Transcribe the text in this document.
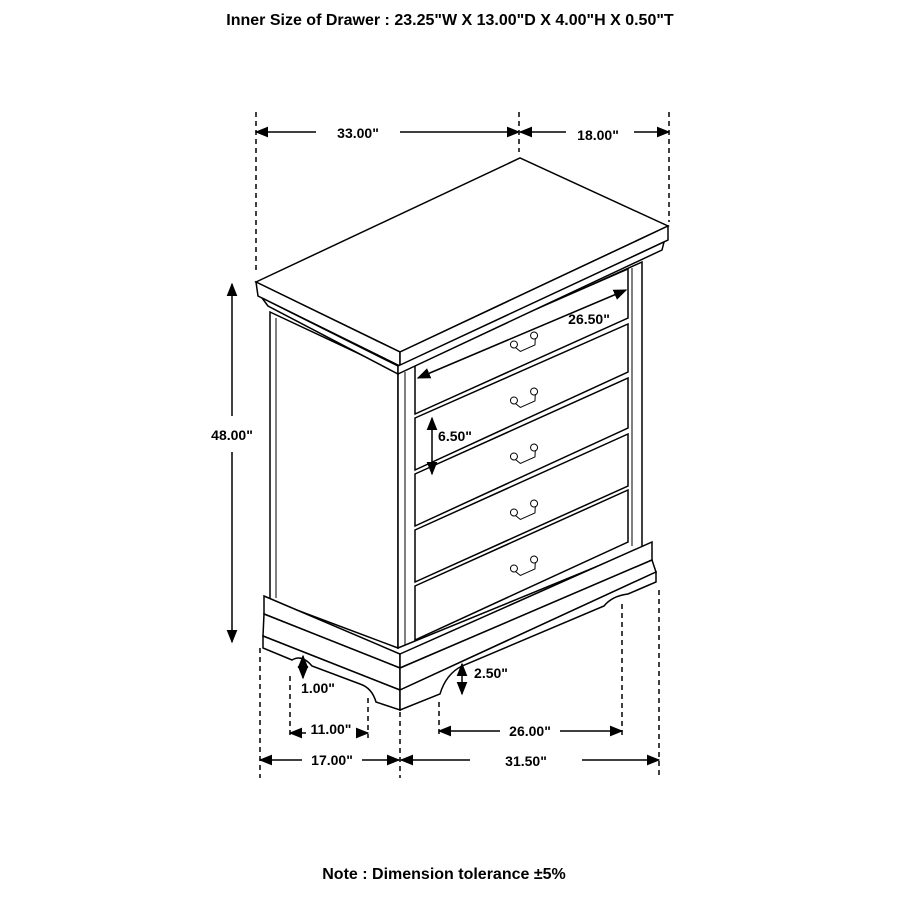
Inner Size of Drawer : 23.25"W X 13.00"D X 4.00"H X 0.50"T
33.00"	18.00"
26.50"
48.00"	6.50"
1.00"
2.50"
11.00"	26.00"
17.00"	31.50"
Note : Dimension tolerance ±5%
